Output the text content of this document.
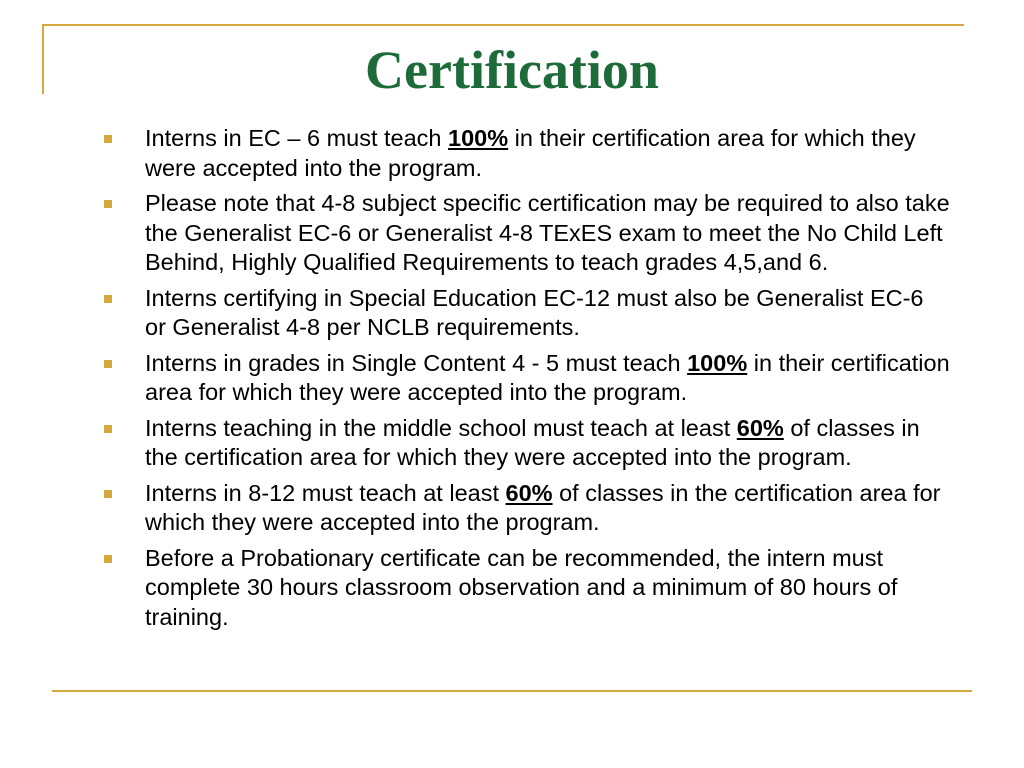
Certification
Interns in EC – 6 must teach 100% in their certification area for which they were accepted into the program.
Please note that 4-8 subject specific certification may be required to also take the Generalist EC-6 or Generalist 4-8 TExES exam to meet the No Child Left Behind, Highly Qualified Requirements to teach grades 4,5,and 6.
Interns certifying in Special Education EC-12 must also be Generalist EC-6 or Generalist 4-8 per NCLB requirements.
Interns in grades in Single Content 4 - 5 must teach 100% in their certification area for which they were accepted into the program.
Interns teaching in the middle school must teach at least 60% of classes in the certification area for which they were accepted into the program.
Interns in 8-12 must teach at least 60% of classes in the certification area for which they were accepted into the program.
Before a Probationary certificate can be recommended, the intern must complete 30 hours classroom observation and a minimum of 80 hours of training.
